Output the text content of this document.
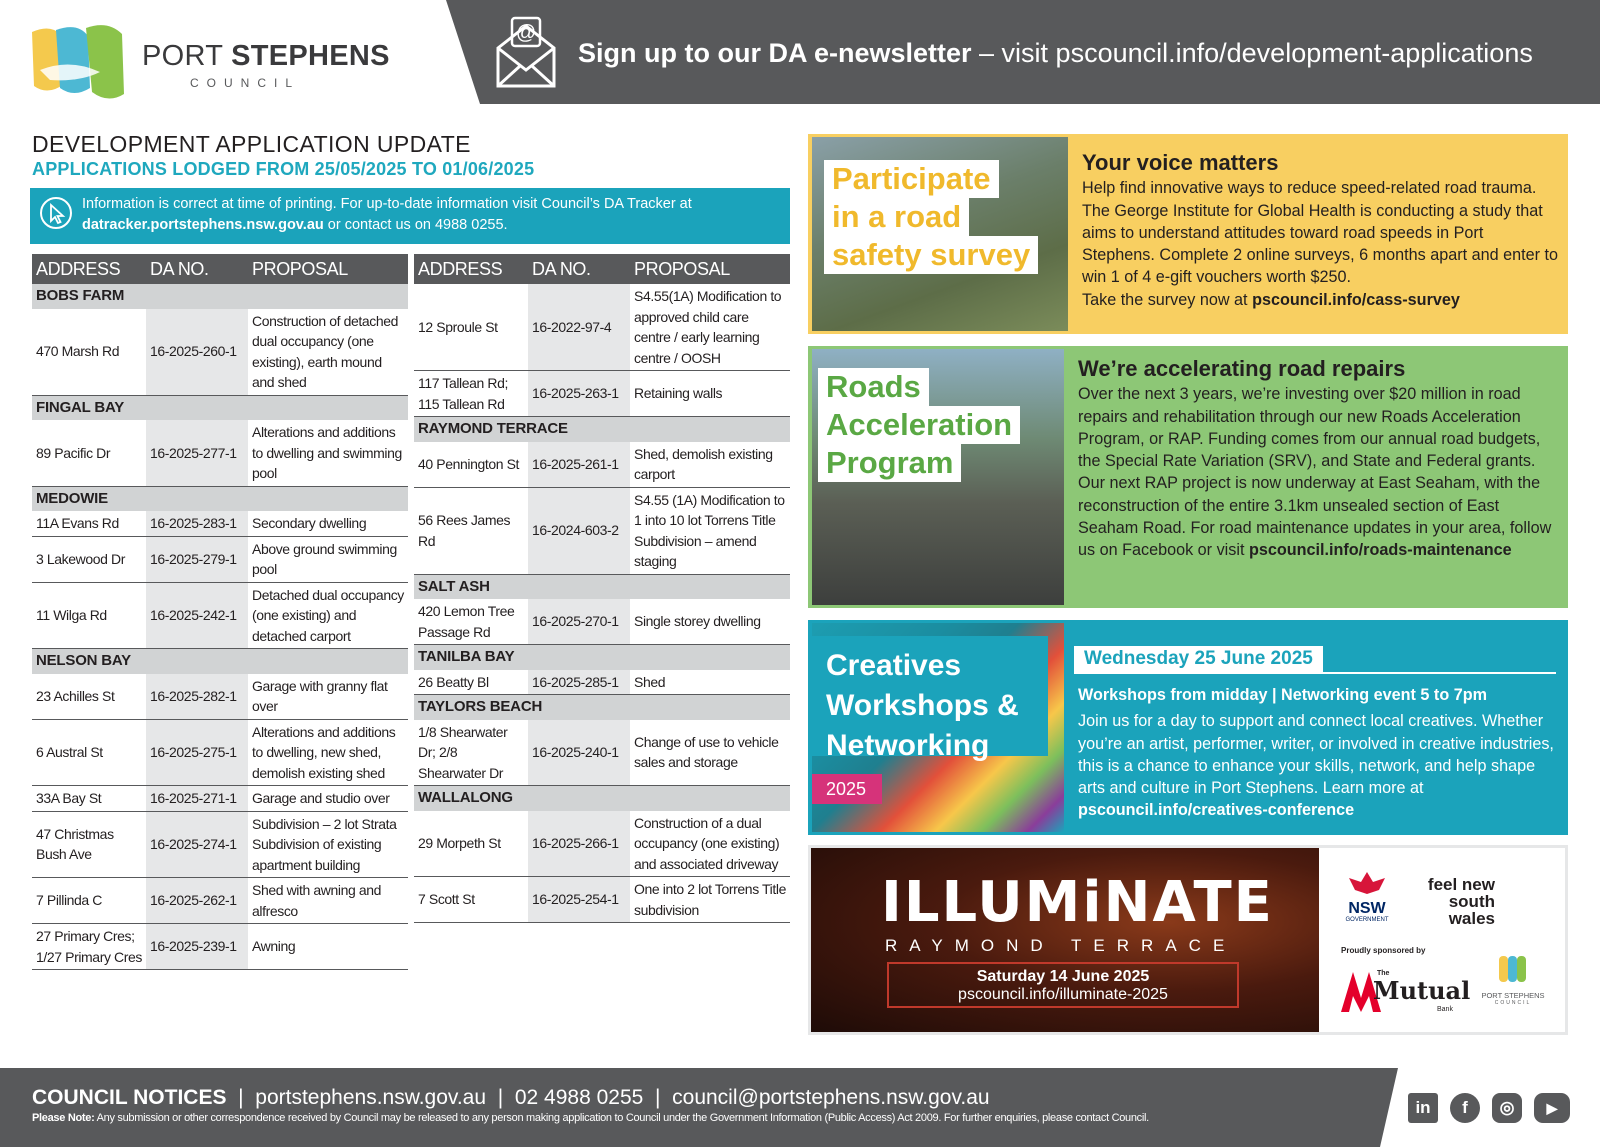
PORT STEPHENS
COUNCIL
@
Sign up to our DA e-newsletter – visit pscouncil.info/development-applications
DEVELOPMENT APPLICATION UPDATE
APPLICATIONS LODGED FROM 25/05/2025 TO 01/06/2025
Information is correct at time of printing. For up-to-date information visit Council’s DA Tracker at
datracker.portstephens.nsw.gov.au or contact us on 4988 0255.
ADDRESS	DA NO.	PROPOSAL
BOBS FARM		
470 Marsh Rd	16-2025-260-1	Construction of detached dual occupancy (one existing), earth mound and shed
FINGAL BAY		
89 Pacific Dr	16-2025-277-1	Alterations and additions to dwelling and swimming pool
MEDOWIE		
11A Evans Rd	16-2025-283-1	Secondary dwelling
3 Lakewood Dr	16-2025-279-1	Above ground swimming pool
11 Wilga Rd	16-2025-242-1	Detached dual occupancy (one existing) and detached carport
NELSON BAY		
23 Achilles St	16-2025-282-1	Garage with granny flat over
6 Austral St	16-2025-275-1	Alterations and additions to dwelling, new shed, demolish existing shed
33A Bay St	16-2025-271-1	Garage and studio over
47 Christmas Bush Ave	16-2025-274-1	Subdivision – 2 lot Strata Subdivision of existing apartment building
7 Pillinda C	16-2025-262-1	Shed with awning and alfresco
27 Primary Cres; 1/27 Primary Cres	16-2025-239-1	Awning
ADDRESS	DA NO.	PROPOSAL
12 Sproule St	16-2022-97-4	S4.55(1A) Modification to approved child care centre / early learning centre / OOSH
117 Tallean Rd; 115 Tallean Rd	16-2025-263-1	Retaining walls
RAYMOND TERRACE		
40 Pennington St	16-2025-261-1	Shed, demolish existing carport
56 Rees James Rd	16-2024-603-2	S4.55 (1A) Modification to 1 into 10 lot Torrens Title Subdivision – amend staging
SALT ASH		
420 Lemon Tree Passage Rd	16-2025-270-1	Single storey dwelling
TANILBA BAY		
26 Beatty Bl	16-2025-285-1	Shed
TAYLORS BEACH		
1/8 Shearwater Dr; 2/8 Shearwater Dr	16-2025-240-1	Change of use to vehicle sales and storage
WALLALONG		
29 Morpeth St	16-2025-266-1	Construction of a dual occupancy (one existing) and associated driveway
7 Scott St	16-2025-254-1	One into 2 lot Torrens Title subdivision
Participate
in a road
safety survey
Your voice matters
Help find innovative ways to reduce speed-related road trauma. The George Institute for Global Health is conducting a study that aims to understand attitudes toward road speeds in Port Stephens. Complete 2 online surveys, 6 months apart and enter to win 1 of 4 e-gift vouchers worth $250.
Take the survey now at pscouncil.info/cass-survey
Roads
Acceleration
Program
We’re accelerating road repairs
Over the next 3 years, we’re investing over $20 million in road repairs and rehabilitation through our new Roads Acceleration Program, or RAP. Funding comes from our annual road budgets, the Special Rate Variation (SRV), and State and Federal grants. Our next RAP project is now underway at East Seaham, with the reconstruction of the entire 3.1km unsealed section of East Seaham Road. For road maintenance updates in your area, follow us on Facebook or visit pscouncil.info/roads-maintenance
Creatives
Workshops &
Networking
2025
Wednesday 25 June 2025
Workshops from midday | Networking event 5 to 7pm
Join us for a day to support and connect local creatives. Whether you’re an artist, performer, writer, or involved in creative industries, this is a chance to enhance your skills, network, and help shape arts and culture in Port Stephens. Learn more at pscouncil.info/creatives-conference
ILLUMiNATE
RAYMOND TERRACE
Saturday 14 June 2025
pscouncil.info/illuminate-2025
NSW
GOVERNMENT
feel new south wales
Proudly sponsored by
The
Mutual
Bank
PORT STEPHENS
COUNCIL
COUNCIL NOTICES | portstephens.nsw.gov.au | 02 4988 0255 | council@portstephens.nsw.gov.au
Please Note: Any submission or other correspondence received by Council may be released to any person making application to Council under the Government Information (Public Access) Act 2009. For further enquiries, please contact Council.
in	f	◎	▶
